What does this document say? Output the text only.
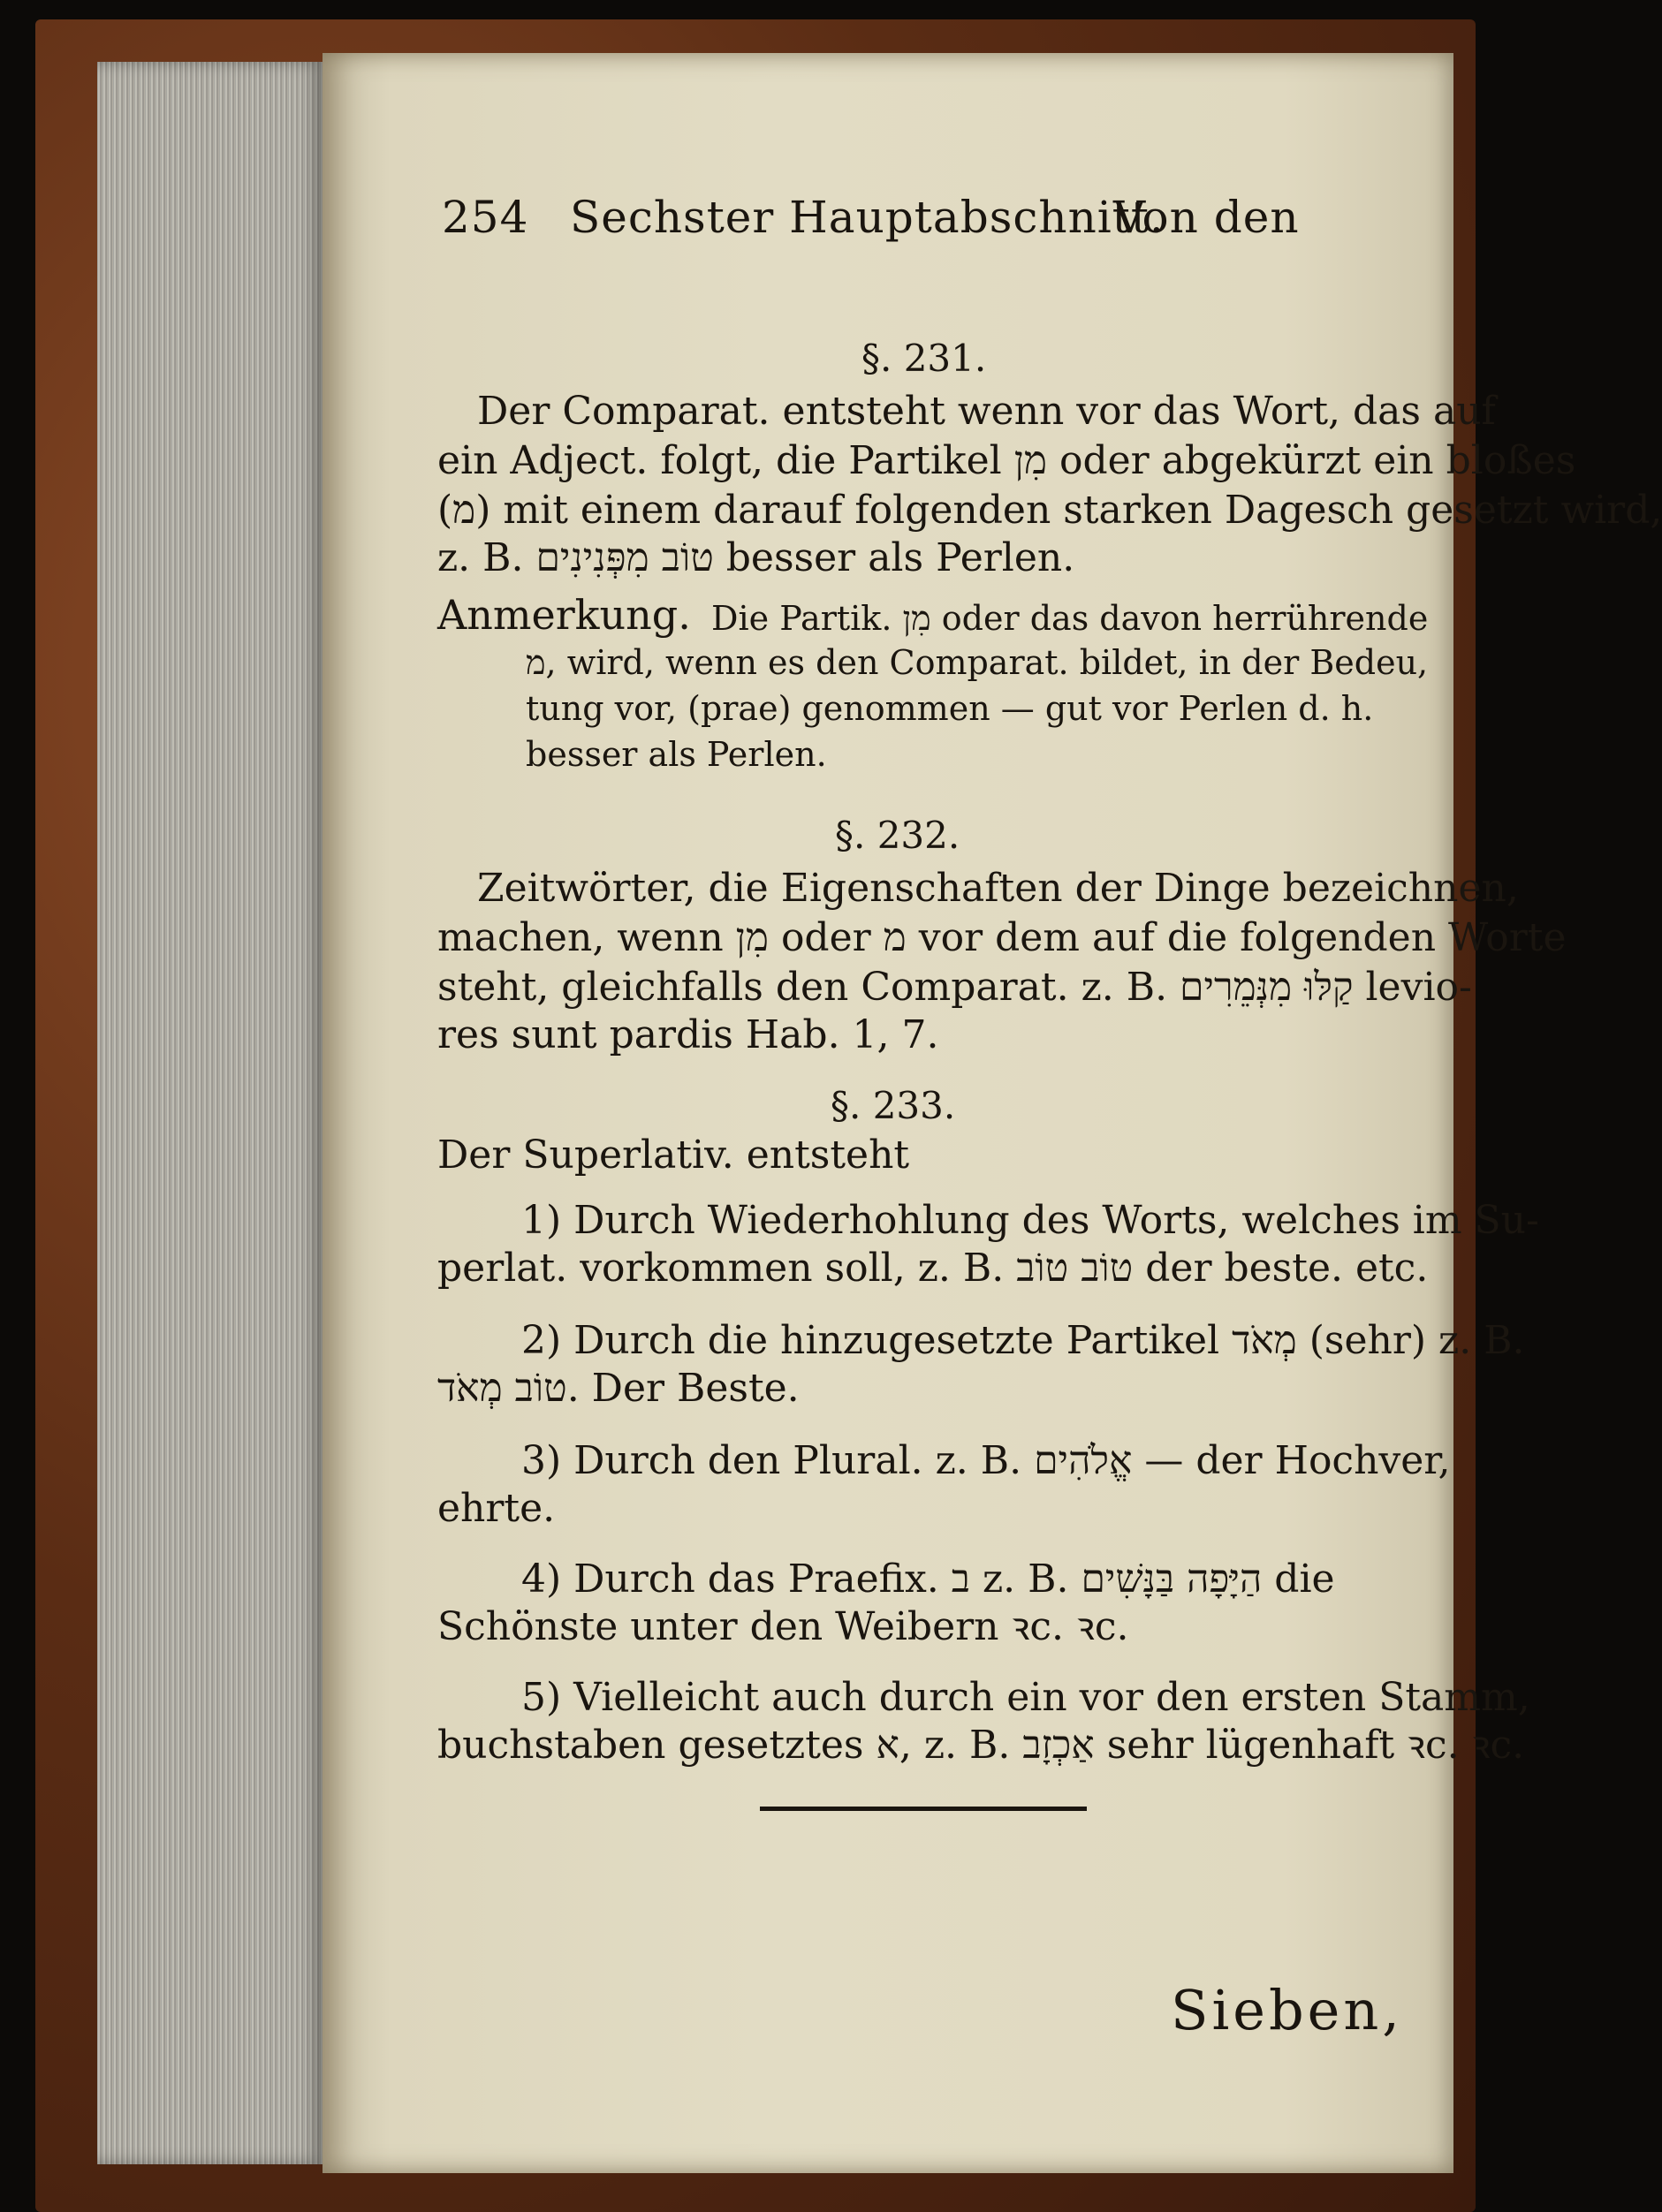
254 Sechster Hauptabschnitt.
Von den
§. 231.
Der Comparat. entsteht wenn vor das Wort, das auf
ein Adject. folgt, die Partikel מִן oder abgekürzt ein bloßes
(מ) mit einem darauf folgenden starken Dagesch gesetzt wird,
z. B. טוֹב מִפְּנִינִים besser als Perlen.
Anmerkung. Die Partik. מִן oder das davon herrührende
מ, wird, wenn es den Comparat. bildet, in der Bedeu,
tung vor, (prae) genommen — gut vor Perlen d. h.
besser als Perlen.
§. 232.
Zeitwörter, die Eigenschaften der Dinge bezeichnen,
machen, wenn מִן oder מ vor dem auf die folgenden Worte
steht, gleichfalls den Comparat. z. B. קַלּוּ מִנְּמֵרִים levio-
res sunt pardis Hab. 1, 7.
§. 233.
Der Superlativ. entsteht
1) Durch Wiederhohlung des Worts, welches im Su-
perlat. vorkommen soll, z. B. טוֹב טוֹב der beste. etc.
2) Durch die hinzugesetzte Partikel מְאֹד (sehr) z. B.
טוֹב מְאֹד. Der Beste.
3) Durch den Plural. z. B. אֱלֹהִים — der Hochver,
ehrte.
4) Durch das Praefix. ב z. B. הַיָּפָה בַּנָּשִׁים die
Schönste unter den Weibern ꝛc. ꝛc.
5) Vielleicht auch durch ein vor den ersten Stamm,
buchstaben gesetztes א, z. B. אַכְזָב sehr lügenhaft ꝛc. ꝛc.
Sieben,
